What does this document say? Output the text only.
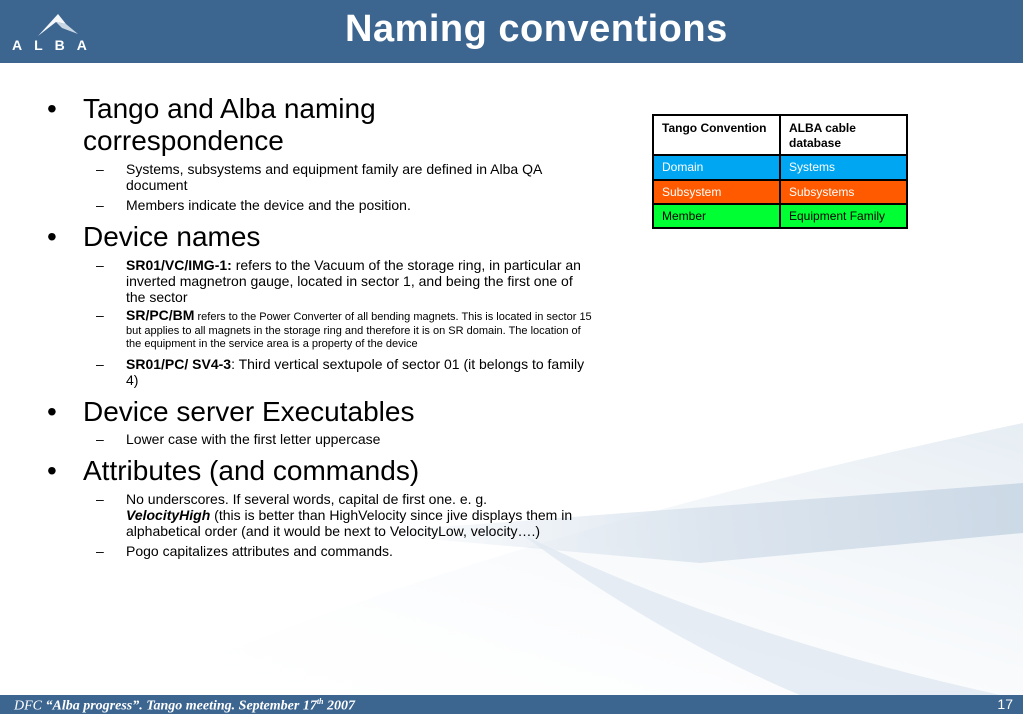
ALBA	Naming conventions
• Tango and Alba naming
correspondence
– Systems, subsystems and equipment family are defined in Alba QA document
– Members indicate the device and the position.
• Device names
– SR01/VC/IMG-1: refers to the Vacuum of the storage ring, in particular an inverted magnetron gauge, located in sector 1, and being the first one of the sector
– SR/PC/BM refers to the Power Converter of all bending magnets. This is located in sector 15 but applies to all magnets in the storage ring and therefore it is on SR domain. The location of the equipment in the service area is a property of the device
– SR01/PC/ SV4-3: Third vertical sextupole of sector 01 (it belongs to family 4)
• Device server Executables
– Lower case with the first letter uppercase
• Attributes (and commands)
– No underscores. If several words, capital de first one. e. g.
VelocityHigh (this is better than HighVelocity since jive displays them in alphabetical order (and it would be next to VelocityLow, velocity….)
– Pogo capitalizes attributes and commands.
Tango Convention	ALBA cable database
Domain	Systems
Subsystem	Subsystems
Member	Equipment Family
DFC “Alba progress”. Tango meeting. September 17th 2007	17
